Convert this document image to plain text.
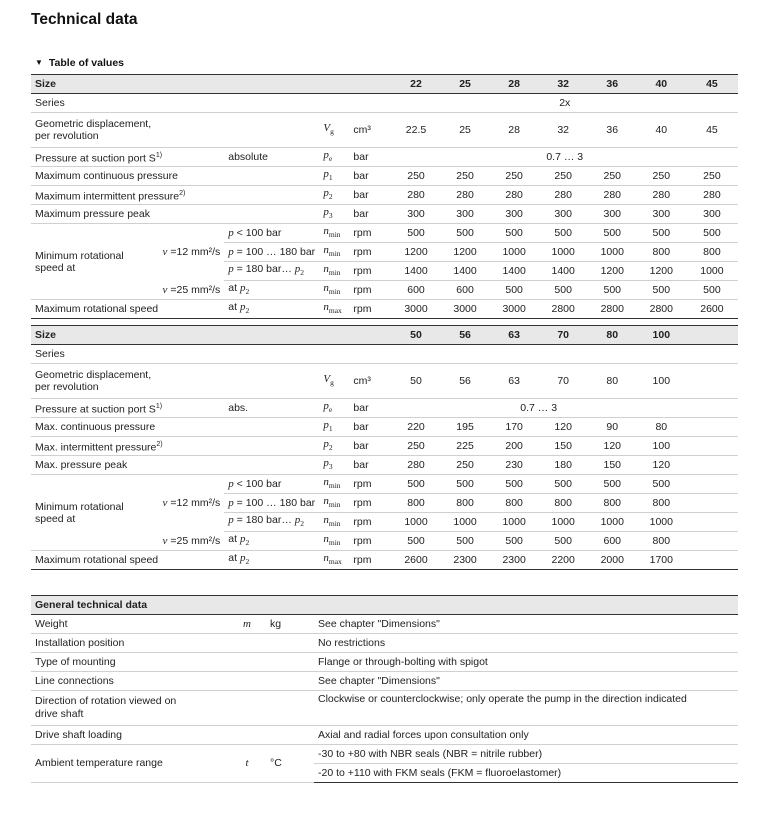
Technical data
▼ Table of values
Size					22	25	28	32	36	40	45
Series					2x						
Geometric displacement,
per revolution			$V_g$	cm³	22.5	25	28	32	36	40	45
Pressure at suction port $S^{1)}$		absolute	$p_e$	bar	0.7 … 3						
Maximum continuous pressure			$p_1$	bar	250	250	250	250	250	250	250
Maximum intermittent pressure$^{2)}$			$p_2$	bar	280	280	280	280	280	280	280
Maximum pressure peak			$p_3$	bar	300	300	300	300	300	300	300
Minimum rotational
speed at	v =12 mm²/s	p < 100 bar	$n_{min}$	rpm	500	500	500	500	500	500	500
		p = 100 … 180 bar	$n_{min}$	rpm	1200	1200	1000	1000	1000	800	800
		p = 180 bar… $p_2$	$n_{min}$	rpm	1400	1400	1400	1400	1200	1200	1000
	v =25 mm²/s	at $p_2$	$n_{min}$	rpm	600	600	500	500	500	500	500
Maximum rotational speed		at $p_2$	$n_{max}$	rpm	3000	3000	3000	2800	2800	2800	2600
Size					50	56	63	70	80	100	
Series											
Geometric displacement,
per revolution			$V_g$	cm³	50	56	63	70	80	100	
Pressure at suction port $S^{1)}$		abs.	$p_e$	bar	0.7 … 3						
Max. continuous pressure			$p_1$	bar	220	195	170	120	90	80	
Max. intermittent pressure$^{2)}$			$p_2$	bar	250	225	200	150	120	100	
Max. pressure peak			$p_3$	bar	280	250	230	180	150	120	
Minimum rotational
speed at	v =12 mm²/s	p < 100 bar	$n_{min}$	rpm	500	500	500	500	500	500	
		p = 100 … 180 bar	$n_{min}$	rpm	800	800	800	800	800	800	
		p = 180 bar… $p_2$	$n_{min}$	rpm	1000	1000	1000	1000	1000	1000	
	v =25 mm²/s	at $p_2$	$n_{min}$	rpm	500	500	500	500	600	800	
Maximum rotational speed		at $p_2$	$n_{max}$	rpm	2600	2300	2300	2200	2000	1700	
General technical data			
Weight	m	kg	See chapter "Dimensions"
Installation position			No restrictions
Type of mounting			Flange or through-bolting with spigot
Line connections			See chapter "Dimensions"
Direction of rotation viewed on
drive shaft			Clockwise or counterclockwise; only operate the pump in the direction indicated
Drive shaft loading			Axial and radial forces upon consultation only
Ambient temperature range	t	°C	-30 to +80 with NBR seals (NBR = nitrile rubber)
			-20 to +110 with FKM seals (FKM = fluoroelastomer)
